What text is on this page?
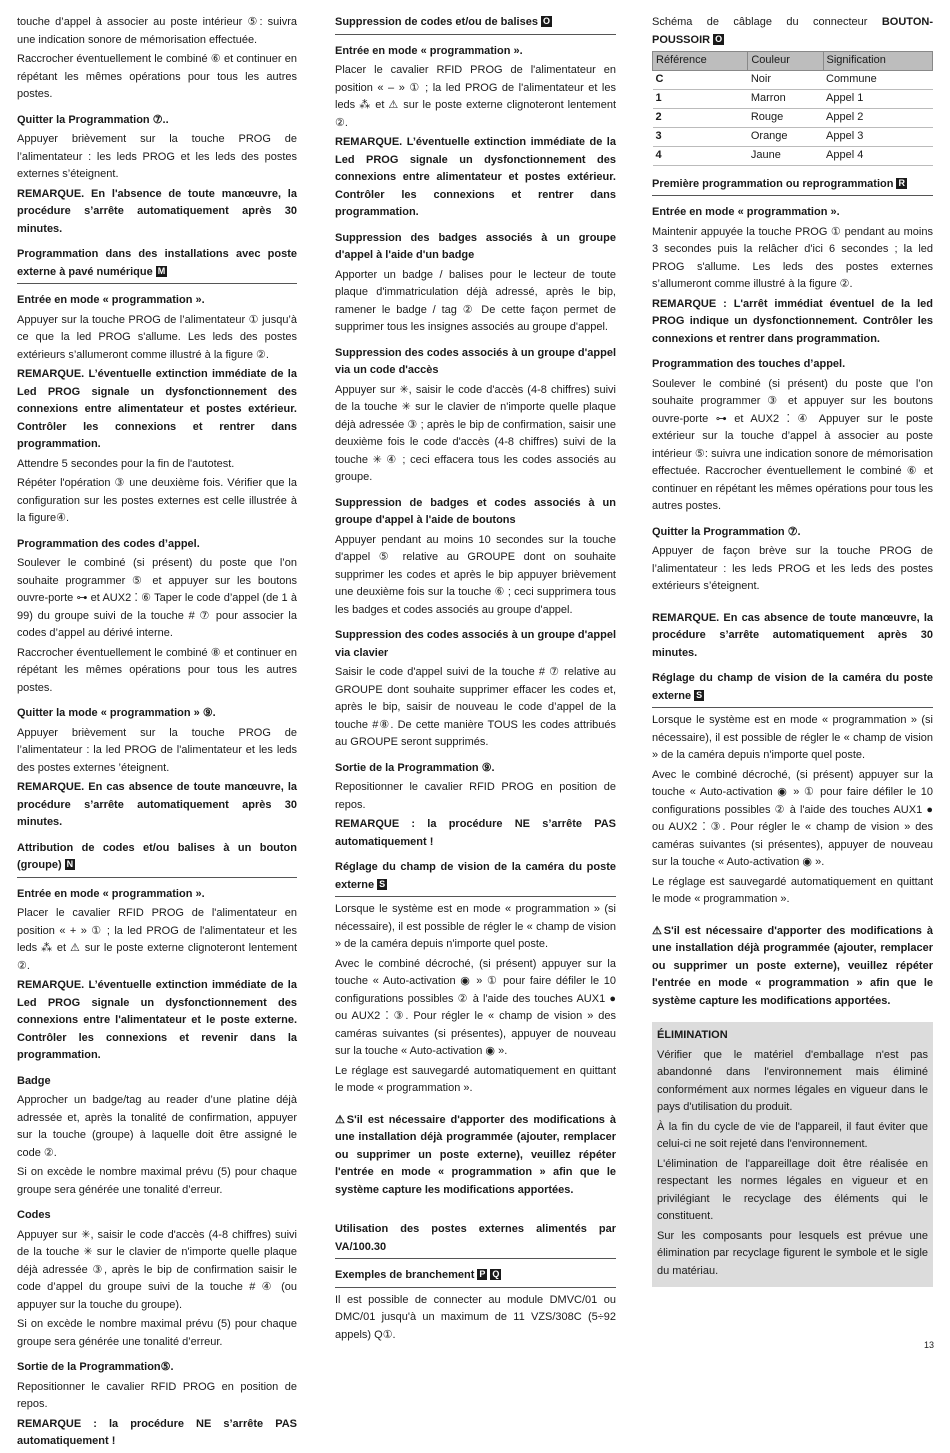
touche d’appel à associer au poste intérieur ⑤: suivra une indication sonore de mémorisation effectuée.

Raccrocher éventuellement le combiné ⑥ et continuer en répétant les mêmes opérations pour tous les autres postes.

Quitter la Programmation ⑦..

Appuyer brièvement sur la touche PROG de l’alimentateur : les leds PROG et les leds des postes externes s’éteignent.

REMARQUE. En l'absence de toute manœuvre, la procédure s’arrête automatiquement après 30 minutes.

Programmation dans des installations avec poste externe à pavé numérique M

Entrée en mode « programmation ».

Appuyer sur la touche PROG de l’alimentateur ① jusqu’à ce que la led PROG s'allume. Les leds des postes extérieurs s’allumeront comme illustré à la figure ②.

REMARQUE. L’éventuelle extinction immédiate de la Led PROG signale un dysfonctionnement des connexions entre alimentateur et postes extérieur. Contrôler les connexions et rentrer dans programmation.

Attendre 5 secondes pour la fin de l'autotest.

Répéter l'opération ③ une deuxième fois. Vérifier que la configuration sur les postes externes est celle illustrée à la figure④.

Programmation des codes d’appel.

Soulever le combiné (si présent) du poste que l’on souhaite programmer ⑤ et appuyer sur les boutons ouvre-porte ⊶ et AUX2 ⁚ ⑥ Taper le code d’appel (de 1 à 99) du groupe suivi de la touche # ⑦ pour associer la codes d’appel au dérivé interne.

Raccrocher éventuellement le combiné ⑧ et continuer en répétant les mêmes opérations pour tous les autres postes.

Quitter la mode « programmation » ⑨.

Appuyer brièvement sur la touche PROG de l’alimentateur : la led PROG de l'alimentateur et les leds des postes externes ’éteignent.

REMARQUE. En cas absence de toute manœuvre, la procédure s’arrête automatiquement après 30 minutes.

Attribution de codes et/ou balises à un bouton (groupe) N

Entrée en mode « programmation ».

Placer le cavalier RFID PROG de l'alimentateur en position « + » ① ; la led PROG de l'alimentateur et les leds ⁂ et ⚠ sur le poste externe clignoteront lentement ②.

REMARQUE. L’éventuelle extinction immédiate de la Led PROG signale un dysfonctionnement des connexions entre l'alimentateur et le poste externe. Contrôler les connexions et revenir dans la programmation.

Badge

Approcher un badge/tag au reader d’une platine déjà adressée et, après la tonalité de confirmation, appuyer sur la touche (groupe) à laquelle doit être assigné le code ②.

Si on excède le nombre maximal prévu (5) pour chaque groupe sera générée une tonalité d’erreur.

Codes

Appuyer sur ✳, saisir le code d'accès (4-8 chiffres) suivi de la touche ✳ sur le clavier de n'importe quelle plaque déjà adressée ③, après le bip de confirmation saisir le code d’appel du groupe suivi de la touche # ④ (ou appuyer sur la touche du groupe).

Si on excède le nombre maximal prévu (5) pour chaque groupe sera générée une tonalité d’erreur.

Sortie de la Programmation⑤.

Repositionner le cavalier RFID PROG en position de repos.

REMARQUE : la procédure NE s’arrête PAS automatiquement !

Suppression de codes et/ou de balises O

Entrée en mode « programmation ».

Placer le cavalier RFID PROG de l'alimentateur en position « – » ① ; la led PROG de l'alimentateur et les leds ⁂ et ⚠ sur le poste externe clignoteront lentement ②.

REMARQUE. L’éventuelle extinction immédiate de la Led PROG signale un dysfonctionnement des connexions entre alimentateur et postes extérieur. Contrôler les connexions et rentrer dans programmation.

Suppression des badges associés à un groupe d'appel à l'aide d'un badge

Apporter un badge / balises pour le lecteur de toute plaque d'immatriculation déjà adressé, après le bip, ramener le badge / tag ② De cette façon permet de supprimer tous les insignes associés au groupe d'appel.

Suppression des codes associés à un groupe d'appel via un code d'accès

Appuyer sur ✳, saisir le code d'accès (4-8 chiffres) suivi de la touche ✳ sur le clavier de n'importe quelle plaque déjà adressée ③ ; après le bip de confirmation, saisir une deuxième fois le code d'accès (4-8 chiffres) suivi de la touche ✳ ④ ; ceci effacera tous les codes associés au groupe.

Suppression de badges et codes associés à un groupe d'appel à l'aide de boutons

Appuyer pendant au moins 10 secondes sur la touche d'appel ⑤ relative au GROUPE dont on souhaite supprimer les codes et après le bip appuyer brièvement une deuxième fois sur la touche ⑥ ; ceci supprimera tous les badges et codes associés au groupe d'appel.

Suppression des codes associés à un groupe d'appel via clavier

Saisir le code d'appel suivi de la touche # ⑦ relative au GROUPE dont souhaite supprimer effacer les codes et, après le bip, saisir de nouveau le code d’appel de la touche #⑧. De cette manière TOUS les codes attribués au GROUPE seront supprimés.

Sortie de la Programmation ⑨.

Repositionner le cavalier RFID PROG en position de repos.

REMARQUE : la procédure NE s’arrête PAS automatiquement !

Réglage du champ de vision de la caméra du poste externe S

Lorsque le système est en mode « programmation » (si nécessaire), il est possible de régler le « champ de vision » de la caméra depuis n'importe quel poste.

Avec le combiné décroché, (si présent) appuyer sur la touche « Auto-activation ◉ » ① pour faire défiler le 10 configurations possibles ② à l'aide des touches AUX1 ● ou AUX2 ⁚ ③. Pour régler le « champ de vision » des caméras suivantes (si présentes), appuyer de nouveau sur la touche « Auto-activation ◉ ».

Le réglage est sauvegardé automatiquement en quittant le mode « programmation ».

⚠S'il est nécessaire d'apporter des modifications à une installation déjà programmée (ajouter, remplacer ou supprimer un poste externe), veuillez répéter l'entrée en mode « programmation » afin que le système capture les modifications apportées.

Utilisation des postes externes alimentés par VA/100.30

Exemples de branchement P Q

Il est possible de connecter au module DMVC/01 ou DMC/01 jusqu'à un maximum de 11 VZS/308C (5÷92 appels) Q①.

Schéma de câblage du connecteur BOUTON-POUSSOIR O

Référence	Couleur	Signification
C	Noir	Commune
1	Marron	Appel 1
2	Rouge	Appel 2
3	Orange	Appel 3
4	Jaune	Appel 4

Première programmation ou reprogrammation R

Entrée en mode « programmation ».

Maintenir appuyée la touche PROG ① pendant au moins 3 secondes puis la relâcher d'ici 6 secondes ; la led PROG s'allume. Les leds des postes externes s’allumeront comme illustré à la figure ②.

REMARQUE : L'arrêt immédiat éventuel de la led PROG indique un dysfonctionnement. Contrôler les connexions et rentrer dans programmation.

Programmation des touches d’appel.

Soulever le combiné (si présent) du poste que l’on souhaite programmer ③ et appuyer sur les boutons ouvre-porte ⊶ et AUX2 ⁚ ④ Appuyer sur le poste extérieur sur la touche d’appel à associer au poste intérieur ⑤: suivra une indication sonore de mémorisation effectuée. Raccrocher éventuellement le combiné ⑥ et continuer en répétant les mêmes opérations pour tous les autres postes.

Quitter la Programmation ⑦.

Appuyer de façon brève sur la touche PROG de l’alimentateur : les leds PROG et les leds des postes extérieurs s’éteignent.

REMARQUE. En cas absence de toute manœuvre, la procédure s’arrête automatiquement après 30 minutes.

Réglage du champ de vision de la caméra du poste externe S

Lorsque le système est en mode « programmation » (si nécessaire), il est possible de régler le « champ de vision » de la caméra depuis n'importe quel poste.

Avec le combiné décroché, (si présent) appuyer sur la touche « Auto-activation ◉ » ① pour faire défiler le 10 configurations possibles ② à l'aide des touches AUX1 ● ou AUX2 ⁚ ③. Pour régler le « champ de vision » des caméras suivantes (si présentes), appuyer de nouveau sur la touche « Auto-activation ◉ ».

Le réglage est sauvegardé automatiquement en quittant le mode « programmation ».

⚠S'il est nécessaire d'apporter des modifications à une installation déjà programmée (ajouter, remplacer ou supprimer un poste externe), veuillez répéter l'entrée en mode « programmation » afin que le système capture les modifications apportées.

ÉLIMINATION

Vérifier que le matériel d'emballage n'est pas abandonné dans l'environnement mais éliminé conformément aux normes légales en vigueur dans le pays d'utilisation du produit.

À la fin du cycle de vie de l'appareil, il faut éviter que celui-ci ne soit rejeté dans l'environnement.

L'élimination de l'appareillage doit être réalisée en respectant les normes légales en vigueur et en privilégiant le recyclage des éléments qui le constituent.

Sur les composants pour lesquels est prévue une élimination par recyclage figurent le symbole et le sigle du matériau.

13
